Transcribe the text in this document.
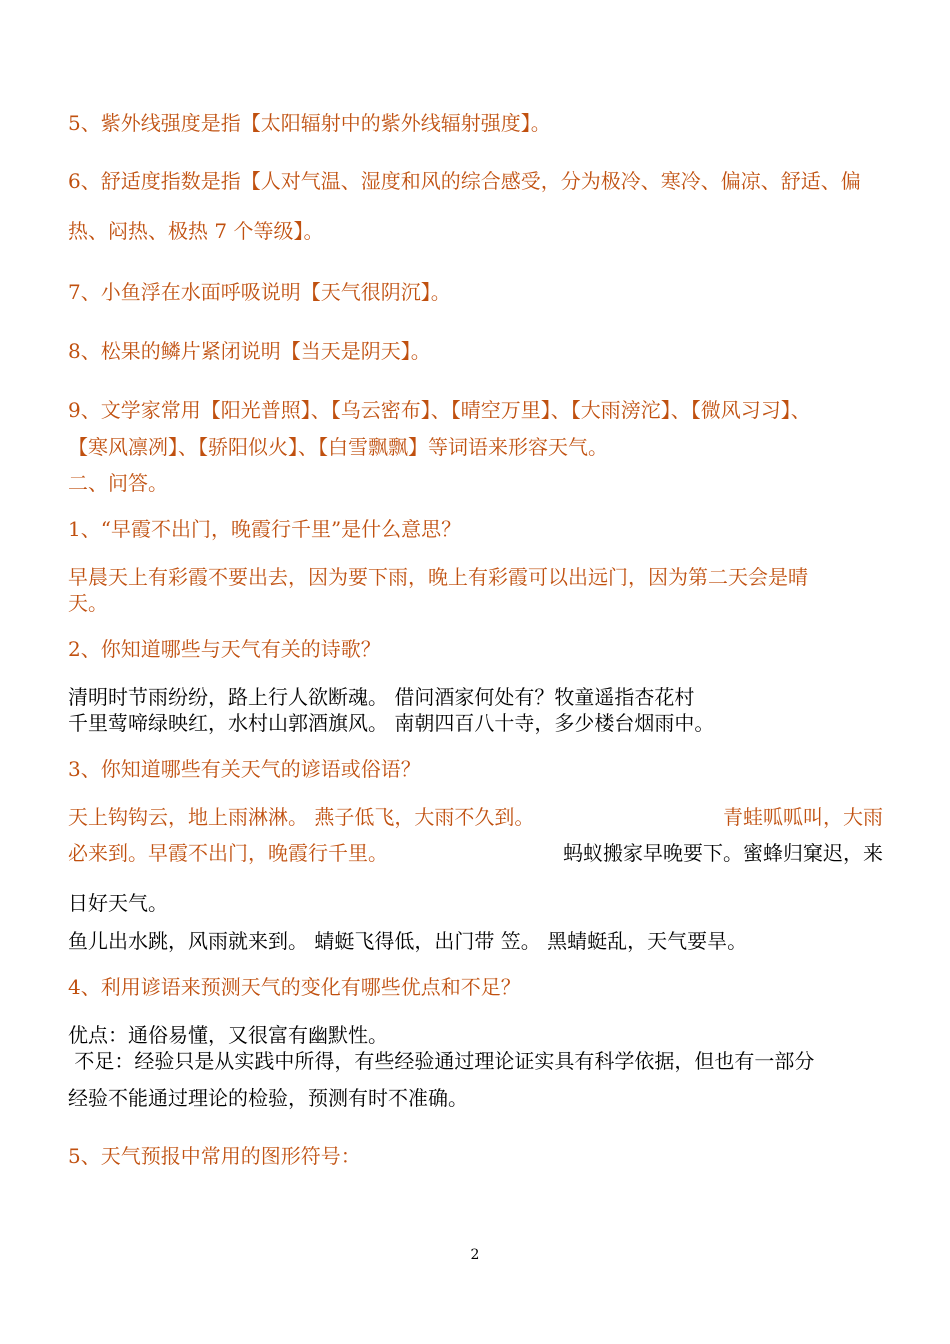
5、紫外线强度是指【太阳辐射中的紫外线辐射强度】。
6、舒适度指数是指【人对气温、湿度和风的综合感受，分为极冷、寒冷、偏凉、舒适、偏
热、闷热、极热 7 个等级】。
7、小鱼浮在水面呼吸说明【天气很阴沉】。
8、松果的鳞片紧闭说明【当天是阴天】。
9、文学家常用【阳光普照】、【乌云密布】、【晴空万里】、【大雨滂沱】、【微风习习】、
【寒风凛冽】、【骄阳似火】、【白雪飘飘】等词语来形容天气。
二、问答。
1、“早霞不出门，晚霞行千里”是什么意思？
早晨天上有彩霞不要出去，因为要下雨，晚上有彩霞可以出远门，因为第二天会是晴
天。
2、你知道哪些与天气有关的诗歌？
清明时节雨纷纷，路上行人欲断魂。 借问酒家何处有？牧童遥指杏花村
千里莺啼绿映红，水村山郭酒旗风。 南朝四百八十寺，多少楼台烟雨中。
3、你知道哪些有关天气的谚语或俗语？
天上钩钩云，地上雨淋淋。 燕子低飞，大雨不久到。	青蛙呱呱叫，大雨
必来到。早霞不出门，晚霞行千里。	蚂蚁搬家早晚要下。蜜蜂归窠迟，来
日好天气。
鱼儿出水跳，风雨就来到。 蜻蜓飞得低，出门带 笠。 黑蜻蜓乱，天气要旱。
4、利用谚语来预测天气的变化有哪些优点和不足？
优点：通俗易懂，又很富有幽默性。
不足：经验只是从实践中所得，有些经验通过理论证实具有科学依据，但也有一部分
经验不能通过理论的检验，预测有时不准确。
5、天气预报中常用的图形符号：
2
